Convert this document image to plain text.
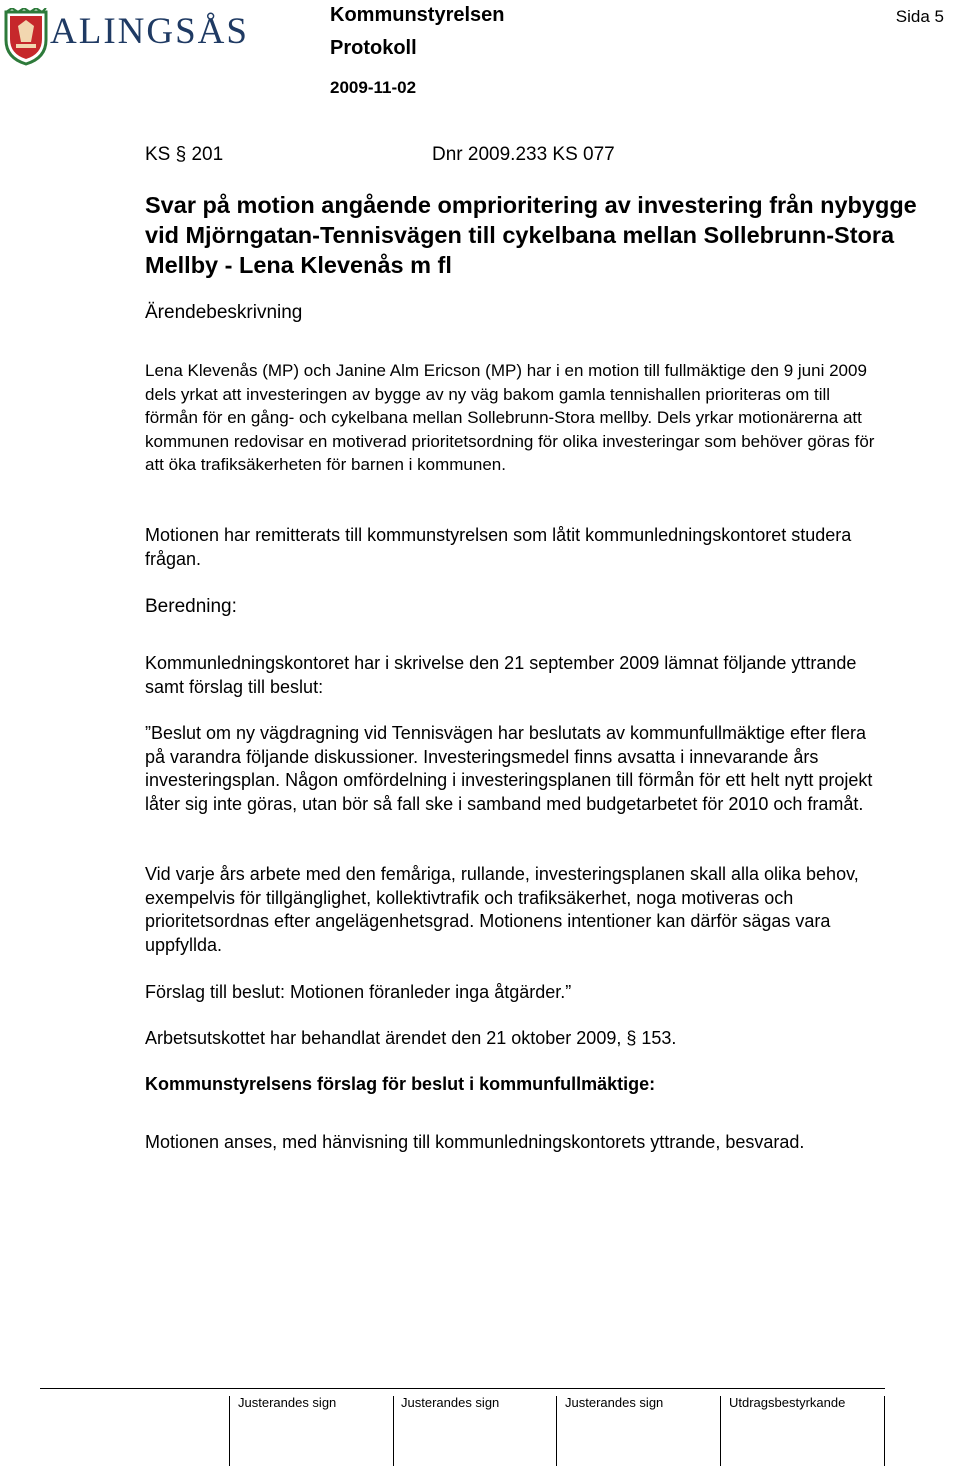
ALINGSÅS	Kommunstyrelsen
Protokoll
2009-11-02
Sida 5
KS § 201	Dnr 2009.233 KS 077
Svar på motion angående omprioritering av investering från nybygge vid Mjörngatan-Tennisvägen till cykelbana mellan Sollebrunn-Stora Mellby - Lena Klevenås m fl
Ärendebeskrivning
Lena Klevenås (MP) och Janine Alm Ericson (MP) har i en motion till fullmäktige den 9 juni 2009 dels yrkat att investeringen av bygge av ny väg bakom gamla tennishallen prioriteras om till förmån för en gång- och cykelbana mellan Sollebrunn-Stora mellby. Dels yrkar motionärerna att kommunen redovisar en motiverad prioritetsordning för olika investeringar som behöver göras för att öka trafiksäkerheten för barnen i kommunen.
Motionen har remitterats till kommunstyrelsen som låtit kommunledningskontoret studera frågan.
Beredning:
Kommunledningskontoret har i skrivelse den 21 september 2009 lämnat följande yttrande samt förslag till beslut:
”Beslut om ny vägdragning vid Tennisvägen har beslutats av kommunfullmäktige efter flera på varandra följande diskussioner. Investeringsmedel finns avsatta i innevarande års investeringsplan. Någon omfördelning i investeringsplanen till förmån för ett helt nytt projekt låter sig inte göras, utan bör så fall ske i samband med budgetarbetet för 2010 och framåt.
Vid varje års arbete med den femåriga, rullande, investeringsplanen skall alla olika behov, exempelvis för tillgänglighet, kollektivtrafik och trafiksäkerhet, noga motiveras och prioritetsordnas efter angelägenhetsgrad. Motionens intentioner kan därför sägas vara uppfyllda.
Förslag till beslut: Motionen föranleder inga åtgärder.”
Arbetsutskottet har behandlat ärendet den 21 oktober 2009, § 153.
Kommunstyrelsens förslag för beslut i kommunfullmäktige:
Motionen anses, med hänvisning till kommunledningskontorets yttrande, besvarad.
Justerandes sign	Justerandes sign	Justerandes sign	Utdragsbestyrkande
